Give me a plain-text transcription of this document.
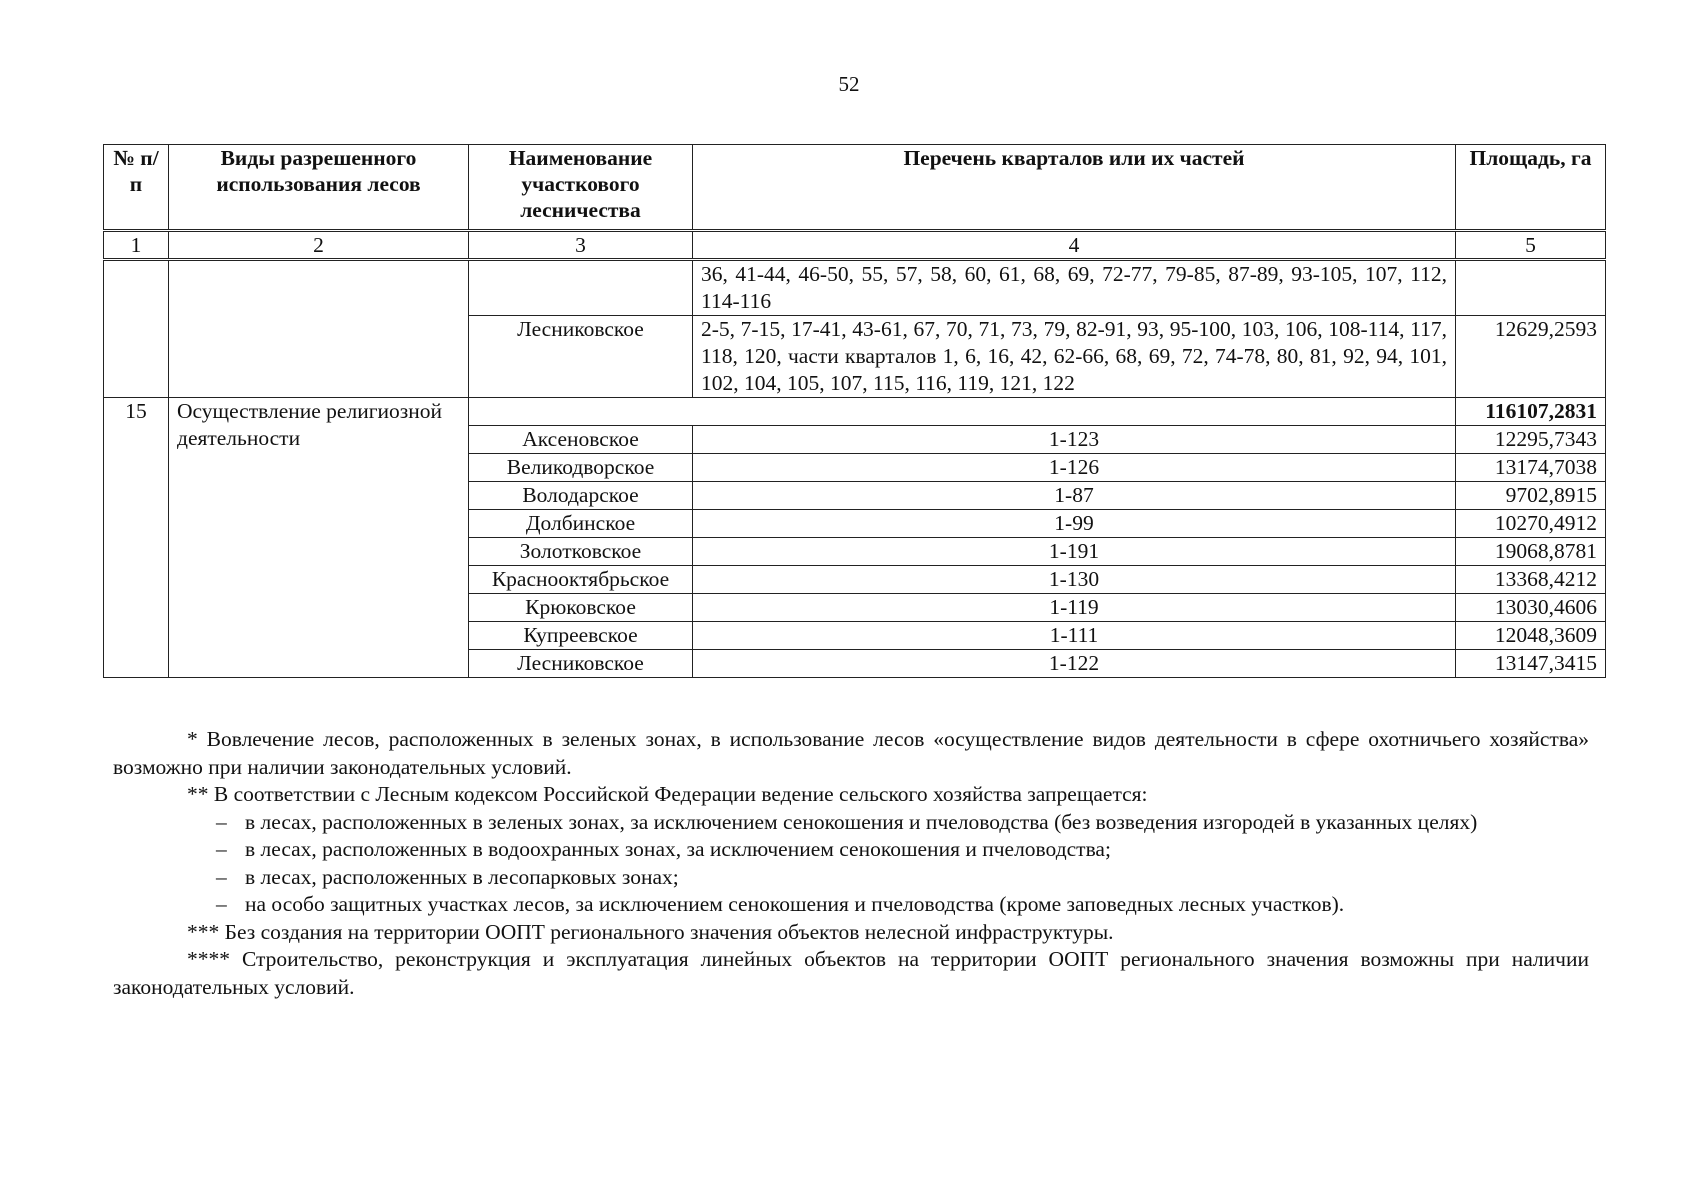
52
№ п/п	Виды разрешенного использования лесов	Наименование участкового лесничества	Перечень кварталов или их частей	Площадь, га
1	2	3	4	5
			36, 41-44, 46-50, 55, 57, 58, 60, 61, 68, 69, 72-77, 79-85, 87-89, 93-105, 107, 112, 114-116	
		Лесниковское	2-5, 7-15, 17-41, 43-61, 67, 70, 71, 73, 79, 82-91, 93, 95-100, 103, 106, 108-114, 117, 118, 120, части кварталов 1, 6, 16, 42, 62-66, 68, 69, 72, 74-78, 80, 81, 92, 94, 101, 102, 104, 105, 107, 115, 116, 119, 121, 122	12629,2593
15	Осуществление религиозной деятельности			116107,2831
		Аксеновское	1-123	12295,7343
		Великодворское	1-126	13174,7038
		Володарское	1-87	9702,8915
		Долбинское	1-99	10270,4912
		Золотковское	1-191	19068,8781
		Краснооктябрьское	1-130	13368,4212
		Крюковское	1-119	13030,4606
		Купреевское	1-111	12048,3609
		Лесниковское	1-122	13147,3415

* Вовлечение лесов, расположенных в зеленых зонах, в использование лесов «осуществление видов деятельности в сфере охотничьего хозяйства» возможно при наличии законодательных условий.

** В соответствии с Лесным кодексом Российской Федерации ведение сельского хозяйства запрещается:

– в лесах, расположенных в зеленых зонах, за исключением сенокошения и пчеловодства (без возведения изгородей в указанных целях)

– в лесах, расположенных в водоохранных зонах, за исключением сенокошения и пчеловодства;

– в лесах, расположенных в лесопарковых зонах;

– на особо защитных участках лесов, за исключением сенокошения и пчеловодства (кроме заповедных лесных участков).

*** Без создания на территории ООПТ регионального значения объектов нелесной инфраструктуры.

**** Строительство, реконструкция и эксплуатация линейных объектов на территории ООПТ регионального значения возможны при наличии законодательных условий.
